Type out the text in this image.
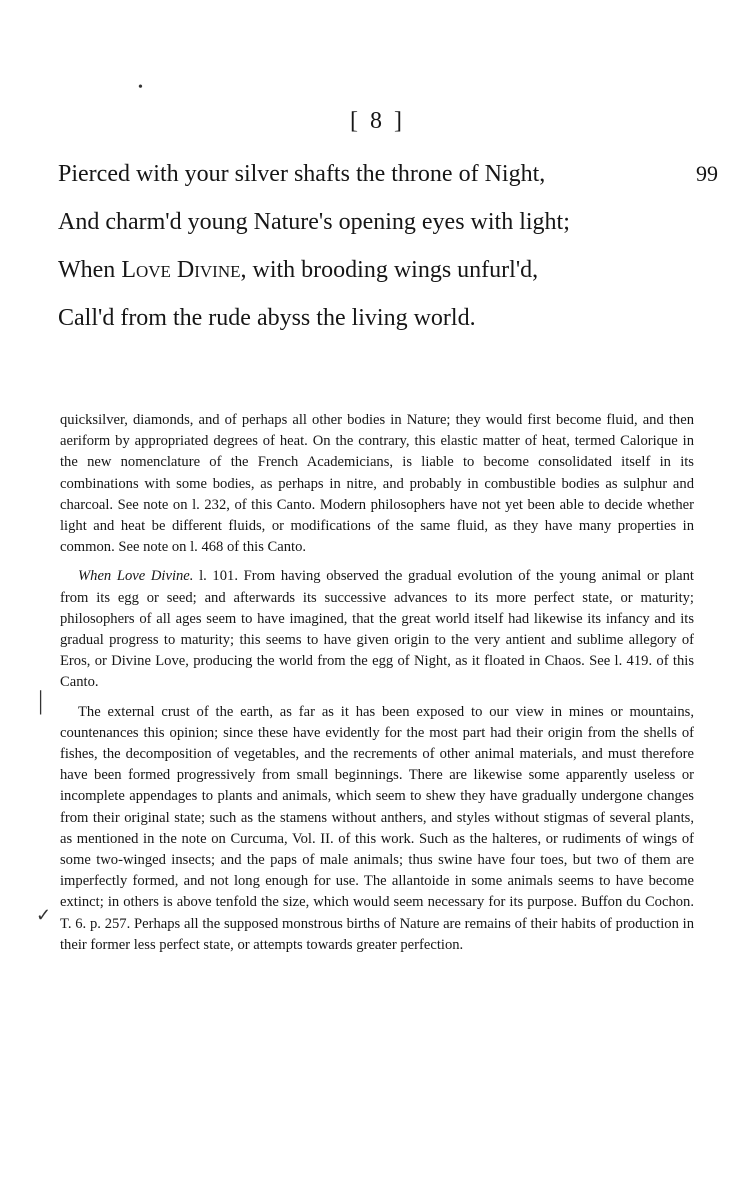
•
|
✓
[ 8 ]
Pierced with your silver shafts the throne of Night,	99
And charm'd young Nature's opening eyes with light;
When Love Divine, with brooding wings unfurl'd,
Call'd from the rude abyss the living world.

quicksilver, diamonds, and of perhaps all other bodies in Nature; they would first become fluid, and then aeriform by appropriated degrees of heat. On the contrary, this elastic matter of heat, termed Calorique in the new nomenclature of the French Academicians, is liable to become consolidated itself in its combinations with some bodies, as perhaps in nitre, and probably in combustible bodies as sulphur and charcoal. See note on l. 232, of this Canto. Modern philosophers have not yet been able to decide whether light and heat be different fluids, or modifications of the same fluid, as they have many properties in common. See note on l. 468 of this Canto.

When Love Divine. l. 101. From having observed the gradual evolution of the young animal or plant from its egg or seed; and afterwards its successive advances to its more perfect state, or maturity; philosophers of all ages seem to have imagined, that the great world itself had likewise its infancy and its gradual progress to maturity; this seems to have given origin to the very antient and sublime allegory of Eros, or Divine Love, producing the world from the egg of Night, as it floated in Chaos. See l. 419. of this Canto.

The external crust of the earth, as far as it has been exposed to our view in mines or mountains, countenances this opinion; since these have evidently for the most part had their origin from the shells of fishes, the decomposition of vegetables, and the recrements of other animal materials, and must therefore have been formed progressively from small beginnings. There are likewise some apparently useless or incomplete appendages to plants and animals, which seem to shew they have gradually undergone changes from their original state; such as the stamens without anthers, and styles without stigmas of several plants, as mentioned in the note on Curcuma, Vol. II. of this work. Such as the halteres, or rudiments of wings of some two-winged insects; and the paps of male animals; thus swine have four toes, but two of them are imperfectly formed, and not long enough for use. The allantoide in some animals seems to have become extinct; in others is above tenfold the size, which would seem necessary for its purpose. Buffon du Cochon. T. 6. p. 257. Perhaps all the supposed monstrous births of Nature are remains of their habits of production in their former less perfect state, or attempts towards greater perfection.
